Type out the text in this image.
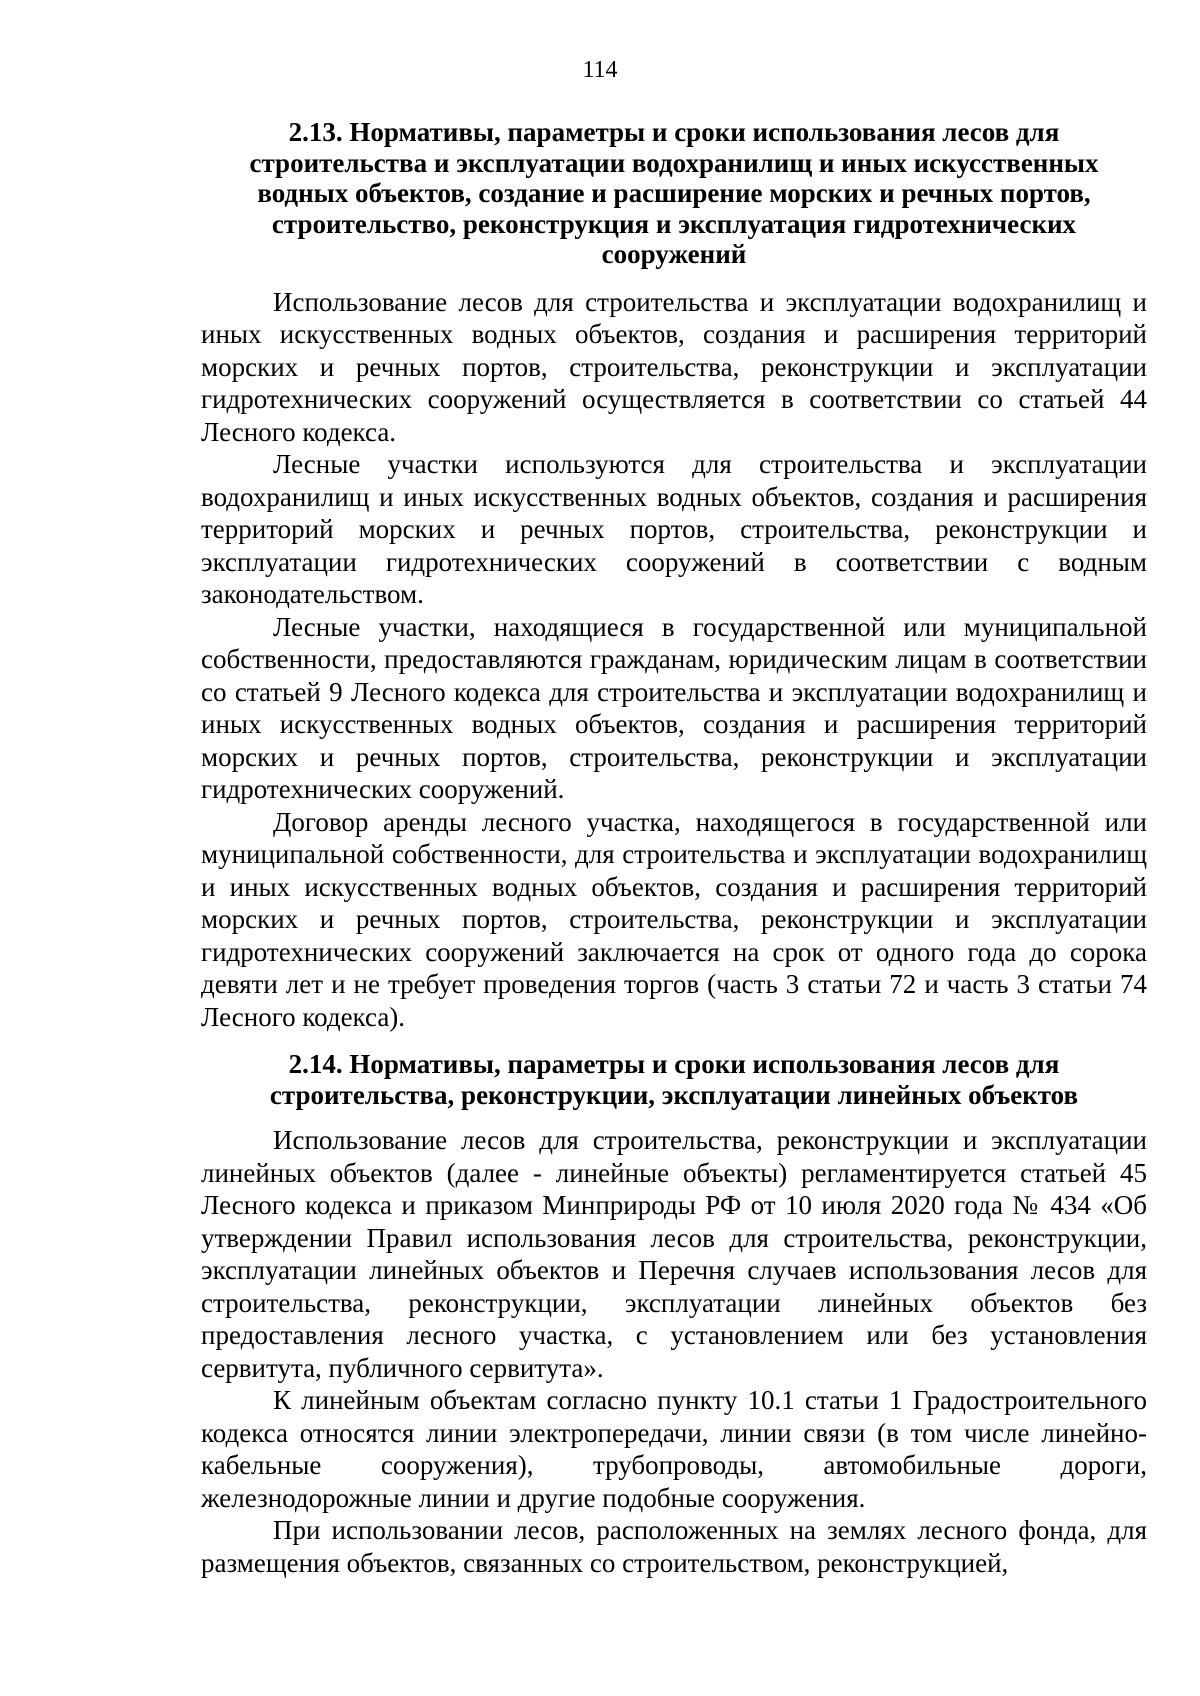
114
2.13. Нормативы, параметры и сроки использования лесов для строительства и эксплуатации водохранилищ и иных искусственных водных объектов, создание и расширение морских и речных портов, строительство, реконструкция и эксплуатация гидротехнических сооружений

Использование лесов для строительства и эксплуатации водохранилищ и иных искусственных водных объектов, создания и расширения территорий морских и речных портов, строительства, реконструкции и эксплуатации гидротехнических сооружений осуществляется в соответствии со статьей 44 Лесного кодекса.

Лесные участки используются для строительства и эксплуатации водохранилищ и иных искусственных водных объектов, создания и расширения территорий морских и речных портов, строительства, реконструкции и эксплуатации гидротехнических сооружений в соответствии с водным законодательством.

Лесные участки, находящиеся в государственной или муниципальной собственности, предоставляются гражданам, юридическим лицам в соответствии со статьей 9 Лесного кодекса для строительства и эксплуатации водохранилищ и иных искусственных водных объектов, создания и расширения территорий морских и речных портов, строительства, реконструкции и эксплуатации гидротехнических сооружений.

Договор аренды лесного участка, находящегося в государственной или муниципальной собственности, для строительства и эксплуатации водохранилищ и иных искусственных водных объектов, создания и расширения территорий морских и речных портов, строительства, реконструкции и эксплуатации гидротехнических сооружений заключается на срок от одного года до сорока девяти лет и не требует проведения торгов (часть 3 статьи 72 и часть 3 статьи 74 Лесного кодекса).

2.14. Нормативы, параметры и сроки использования лесов для строительства, реконструкции, эксплуатации линейных объектов

Использование лесов для строительства, реконструкции и эксплуатации линейных объектов (далее - линейные объекты) регламентируется статьей 45 Лесного кодекса и приказом Минприроды РФ от 10 июля 2020 года № 434 «Об утверждении Правил использования лесов для строительства, реконструкции, эксплуатации линейных объектов и Перечня случаев использования лесов для строительства, реконструкции, эксплуатации линейных объектов без предоставления лесного участка, с установлением или без установления сервитута, публичного сервитута».

К линейным объектам согласно пункту 10.1 статьи 1 Градостроительного кодекса относятся линии электропередачи, линии связи (в том числе линейно-кабельные сооружения), трубопроводы, автомобильные дороги, железнодорожные линии и другие подобные сооружения.

При использовании лесов, расположенных на землях лесного фонда, для размещения объектов, связанных со строительством, реконструкцией,
